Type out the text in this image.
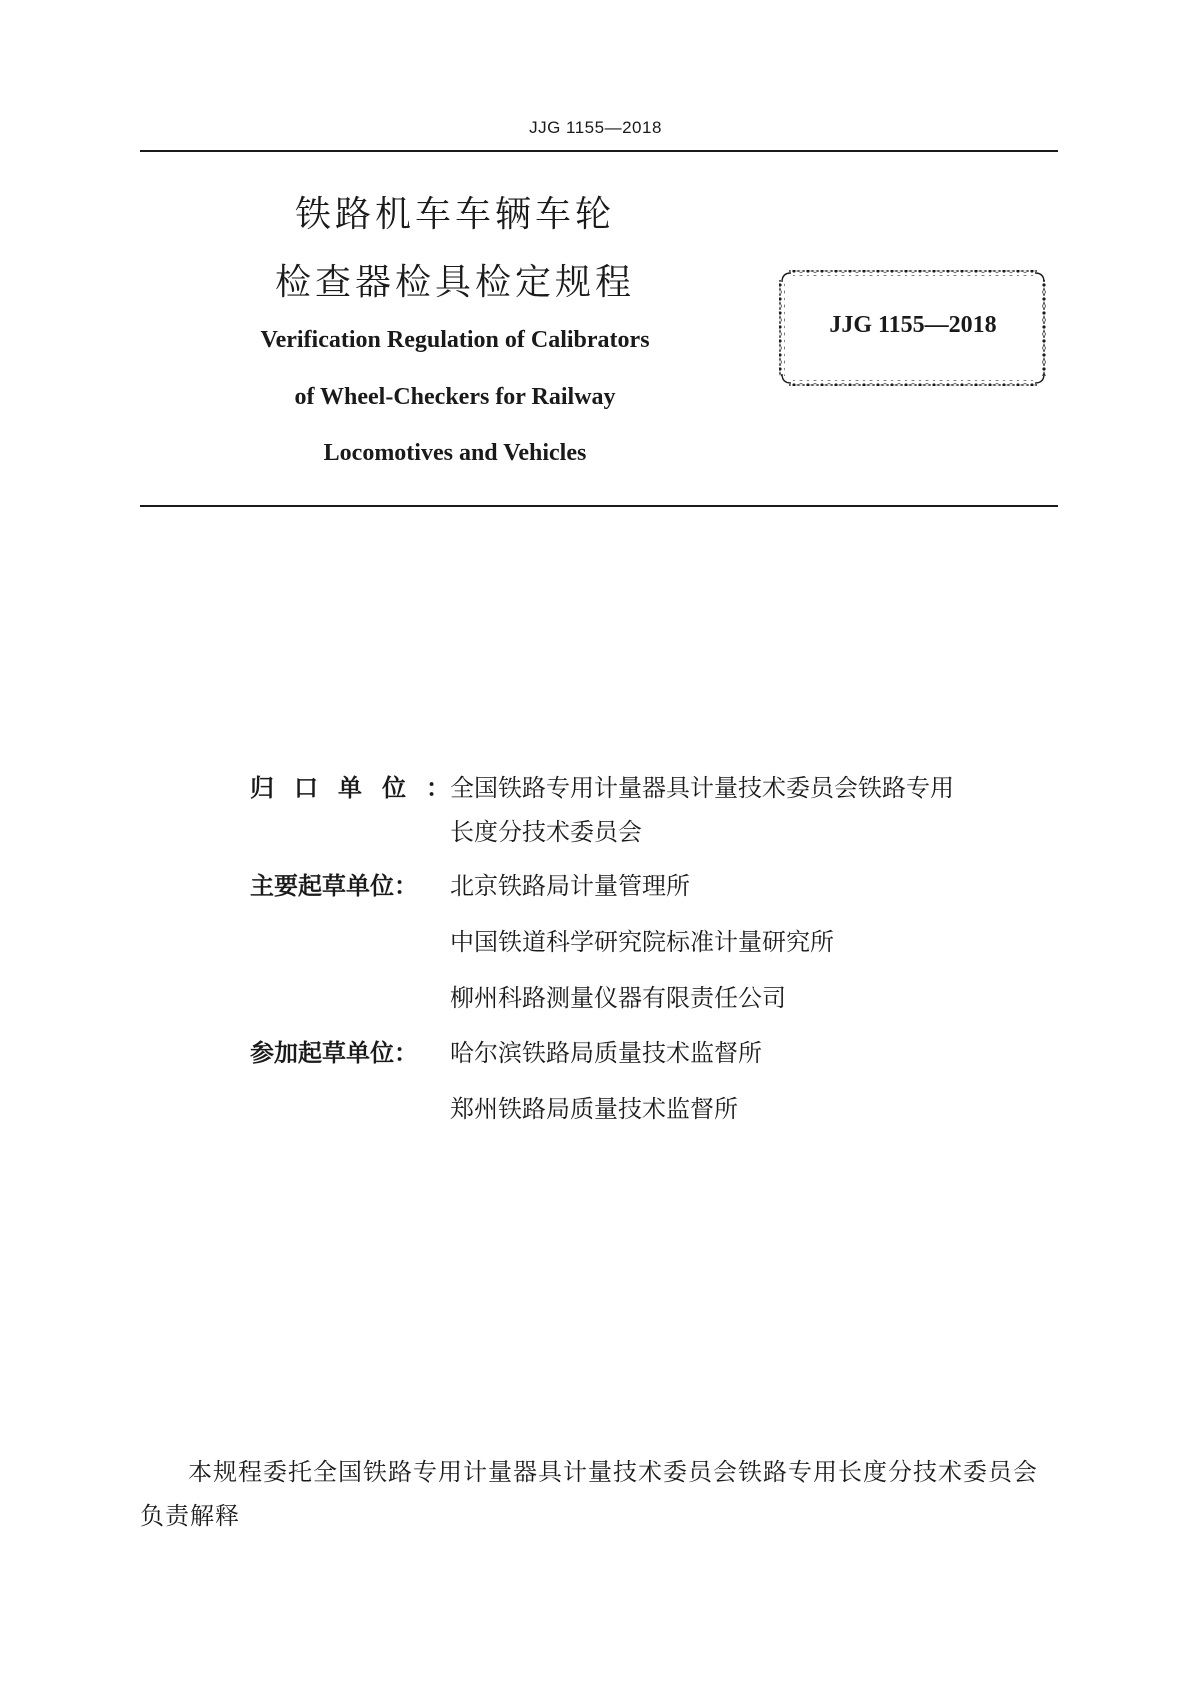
JJG 1155—2018
铁路机车车辆车轮
检查器检具检定规程
Verification Regulation of Calibrators
of Wheel-Checkers for Railway
Locomotives and Vehicles
JJG 1155—2018
归口单位：
全国铁路专用计量器具计量技术委员会铁路专用
长度分技术委员会
主要起草单位：	北京铁路局计量管理所
中国铁道科学研究院标准计量研究所
柳州科路测量仪器有限责任公司
参加起草单位：	哈尔滨铁路局质量技术监督所
郑州铁路局质量技术监督所
本规程委托全国铁路专用计量器具计量技术委员会铁路专用长度分技术委员会负责解释
